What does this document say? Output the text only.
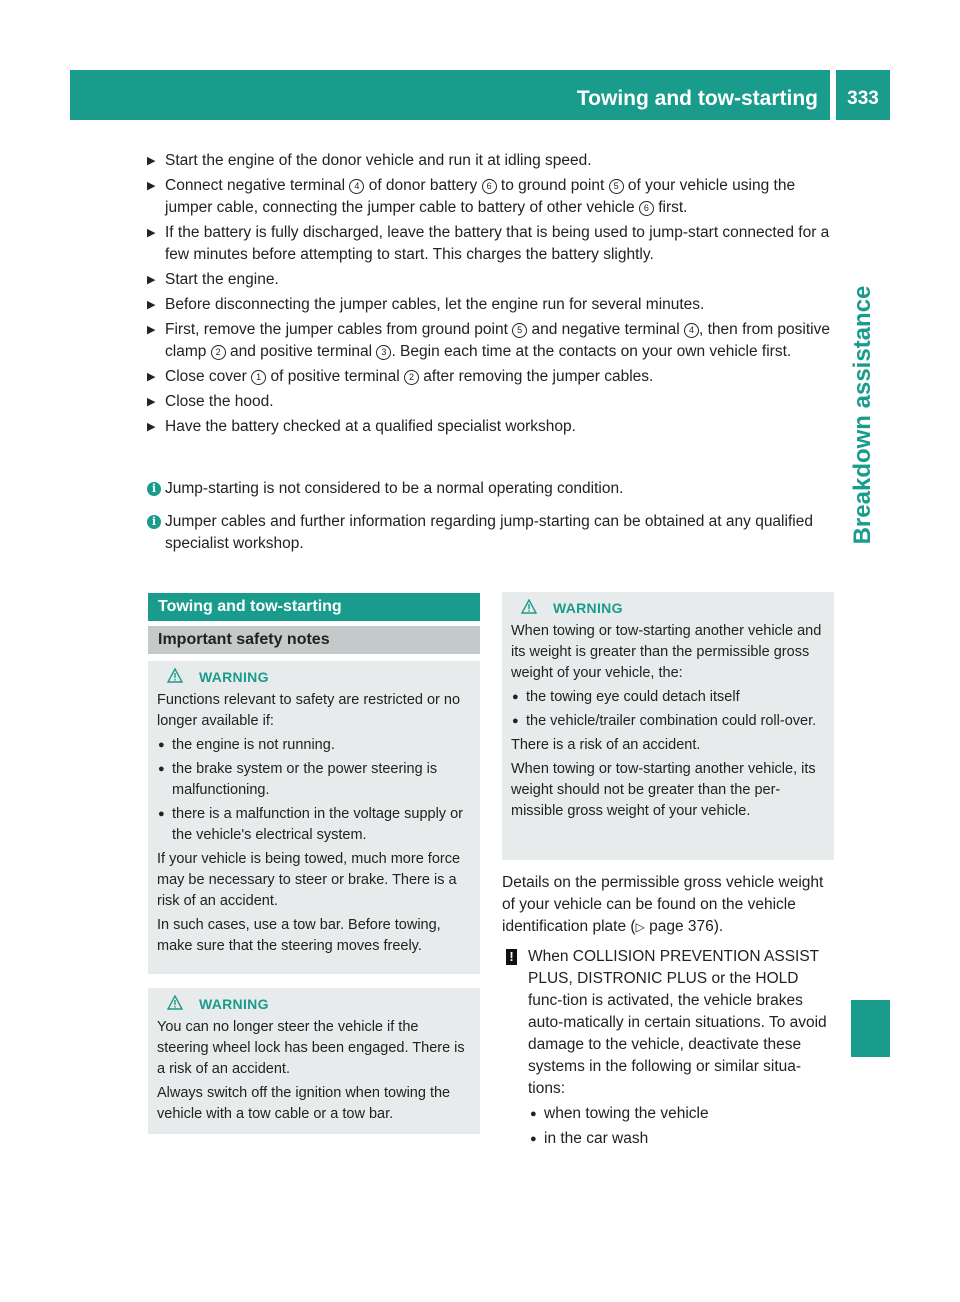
Towing and tow-starting	333
Breakdown assistance
▶ Start the engine of the donor vehicle and run it at idling speed.
▶ Connect negative terminal 4 of donor battery 6 to ground point 5 of your vehicle using the jumper cable, connecting the jumper cable to battery of other vehicle 6 first.
▶ If the battery is fully discharged, leave the battery that is being used to jump-start connected for a few minutes before attempting to start. This charges the battery slightly.
▶ Start the engine.
▶ Before disconnecting the jumper cables, let the engine run for several minutes.
▶ First, remove the jumper cables from ground point 5 and negative terminal 4 , then from positive clamp 2 and positive terminal 3 . Begin each time at the contacts on your own vehicle first.
▶ Close cover 1 of positive terminal 2 after removing the jumper cables.
▶ Close the hood.
▶ Have the battery checked at a qualified specialist workshop.
i Jump-starting is not considered to be a normal operating condition.
i Jumper cables and further information regarding jump-starting can be obtained at any qualified specialist workshop.
Towing and tow-starting
Important safety notes
WARNING

Functions relevant to safety are restricted or no longer available if:

● the engine is not running.
● the brake system or the power steering is malfunctioning.
● there is a malfunction in the voltage supply or the vehicle's electrical system.

If your vehicle is being towed, much more force may be necessary to steer or brake. There is a risk of an accident.

In such cases, use a tow bar. Before towing, make sure that the steering moves freely.

WARNING

You can no longer steer the vehicle if the steering wheel lock has been engaged. There is a risk of an accident.

Always switch off the ignition when towing the vehicle with a tow cable or a tow bar.

WARNING

When towing or tow-starting another vehicle and its weight is greater than the permissible gross weight of your vehicle, the:

● the towing eye could detach itself
● the vehicle/trailer combination could roll-over.

There is a risk of an accident.

When towing or tow-starting another vehicle, its weight should not be greater than the per-missible gross weight of your vehicle.

Details on the permissible gross vehicle weight of your vehicle can be found on the vehicle identification plate (▷ page 376).

! When COLLISION PREVENTION ASSIST PLUS, DISTRONIC PLUS or the HOLD func-tion is activated, the vehicle brakes auto-matically in certain situations. To avoid damage to the vehicle, deactivate these systems in the following or similar situa-tions:
● when towing the vehicle
● in the car wash
